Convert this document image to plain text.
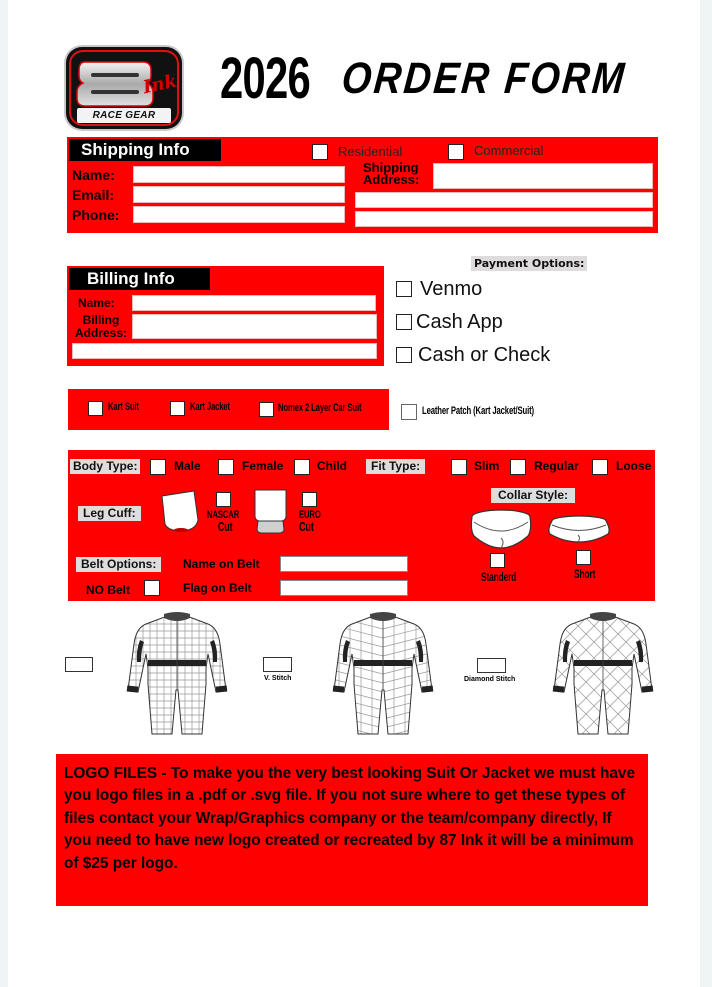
Ink
RACE GEAR
2026 ORDER FORM
Shipping Info	Residential	Commercial
Name:
Email:
Phone:
Shipping
Address:
Billing Info
Name:
Billing
Address:
Payment Options:
Venmo
Cash App
Cash or Check
Kart Suit	Kart Jacket	Nomex 2 Layer Car Suit	Leather Patch (Kart Jacket/Suit)
Body Type:	Male	Female	Child	Fit Type:	Slim	Regular	Loose
Leg Cuff:	NASCAR
Cut
EURO
Cut
Collar Style:
Standerd	Short
Belt Options:
NO Belt
Name on Belt
Flag on Belt
V. Stitch	Diamond Stitch

LOGO FILES - To make you the very best looking Suit Or Jacket we must have you logo files in a .pdf or .svg file. If you not sure where to get these types of files contact your Wrap/Graphics company or the team/company directly, If you need to have new logo created or recreated by 87 Ink it will be a minimum of $25 per logo.
